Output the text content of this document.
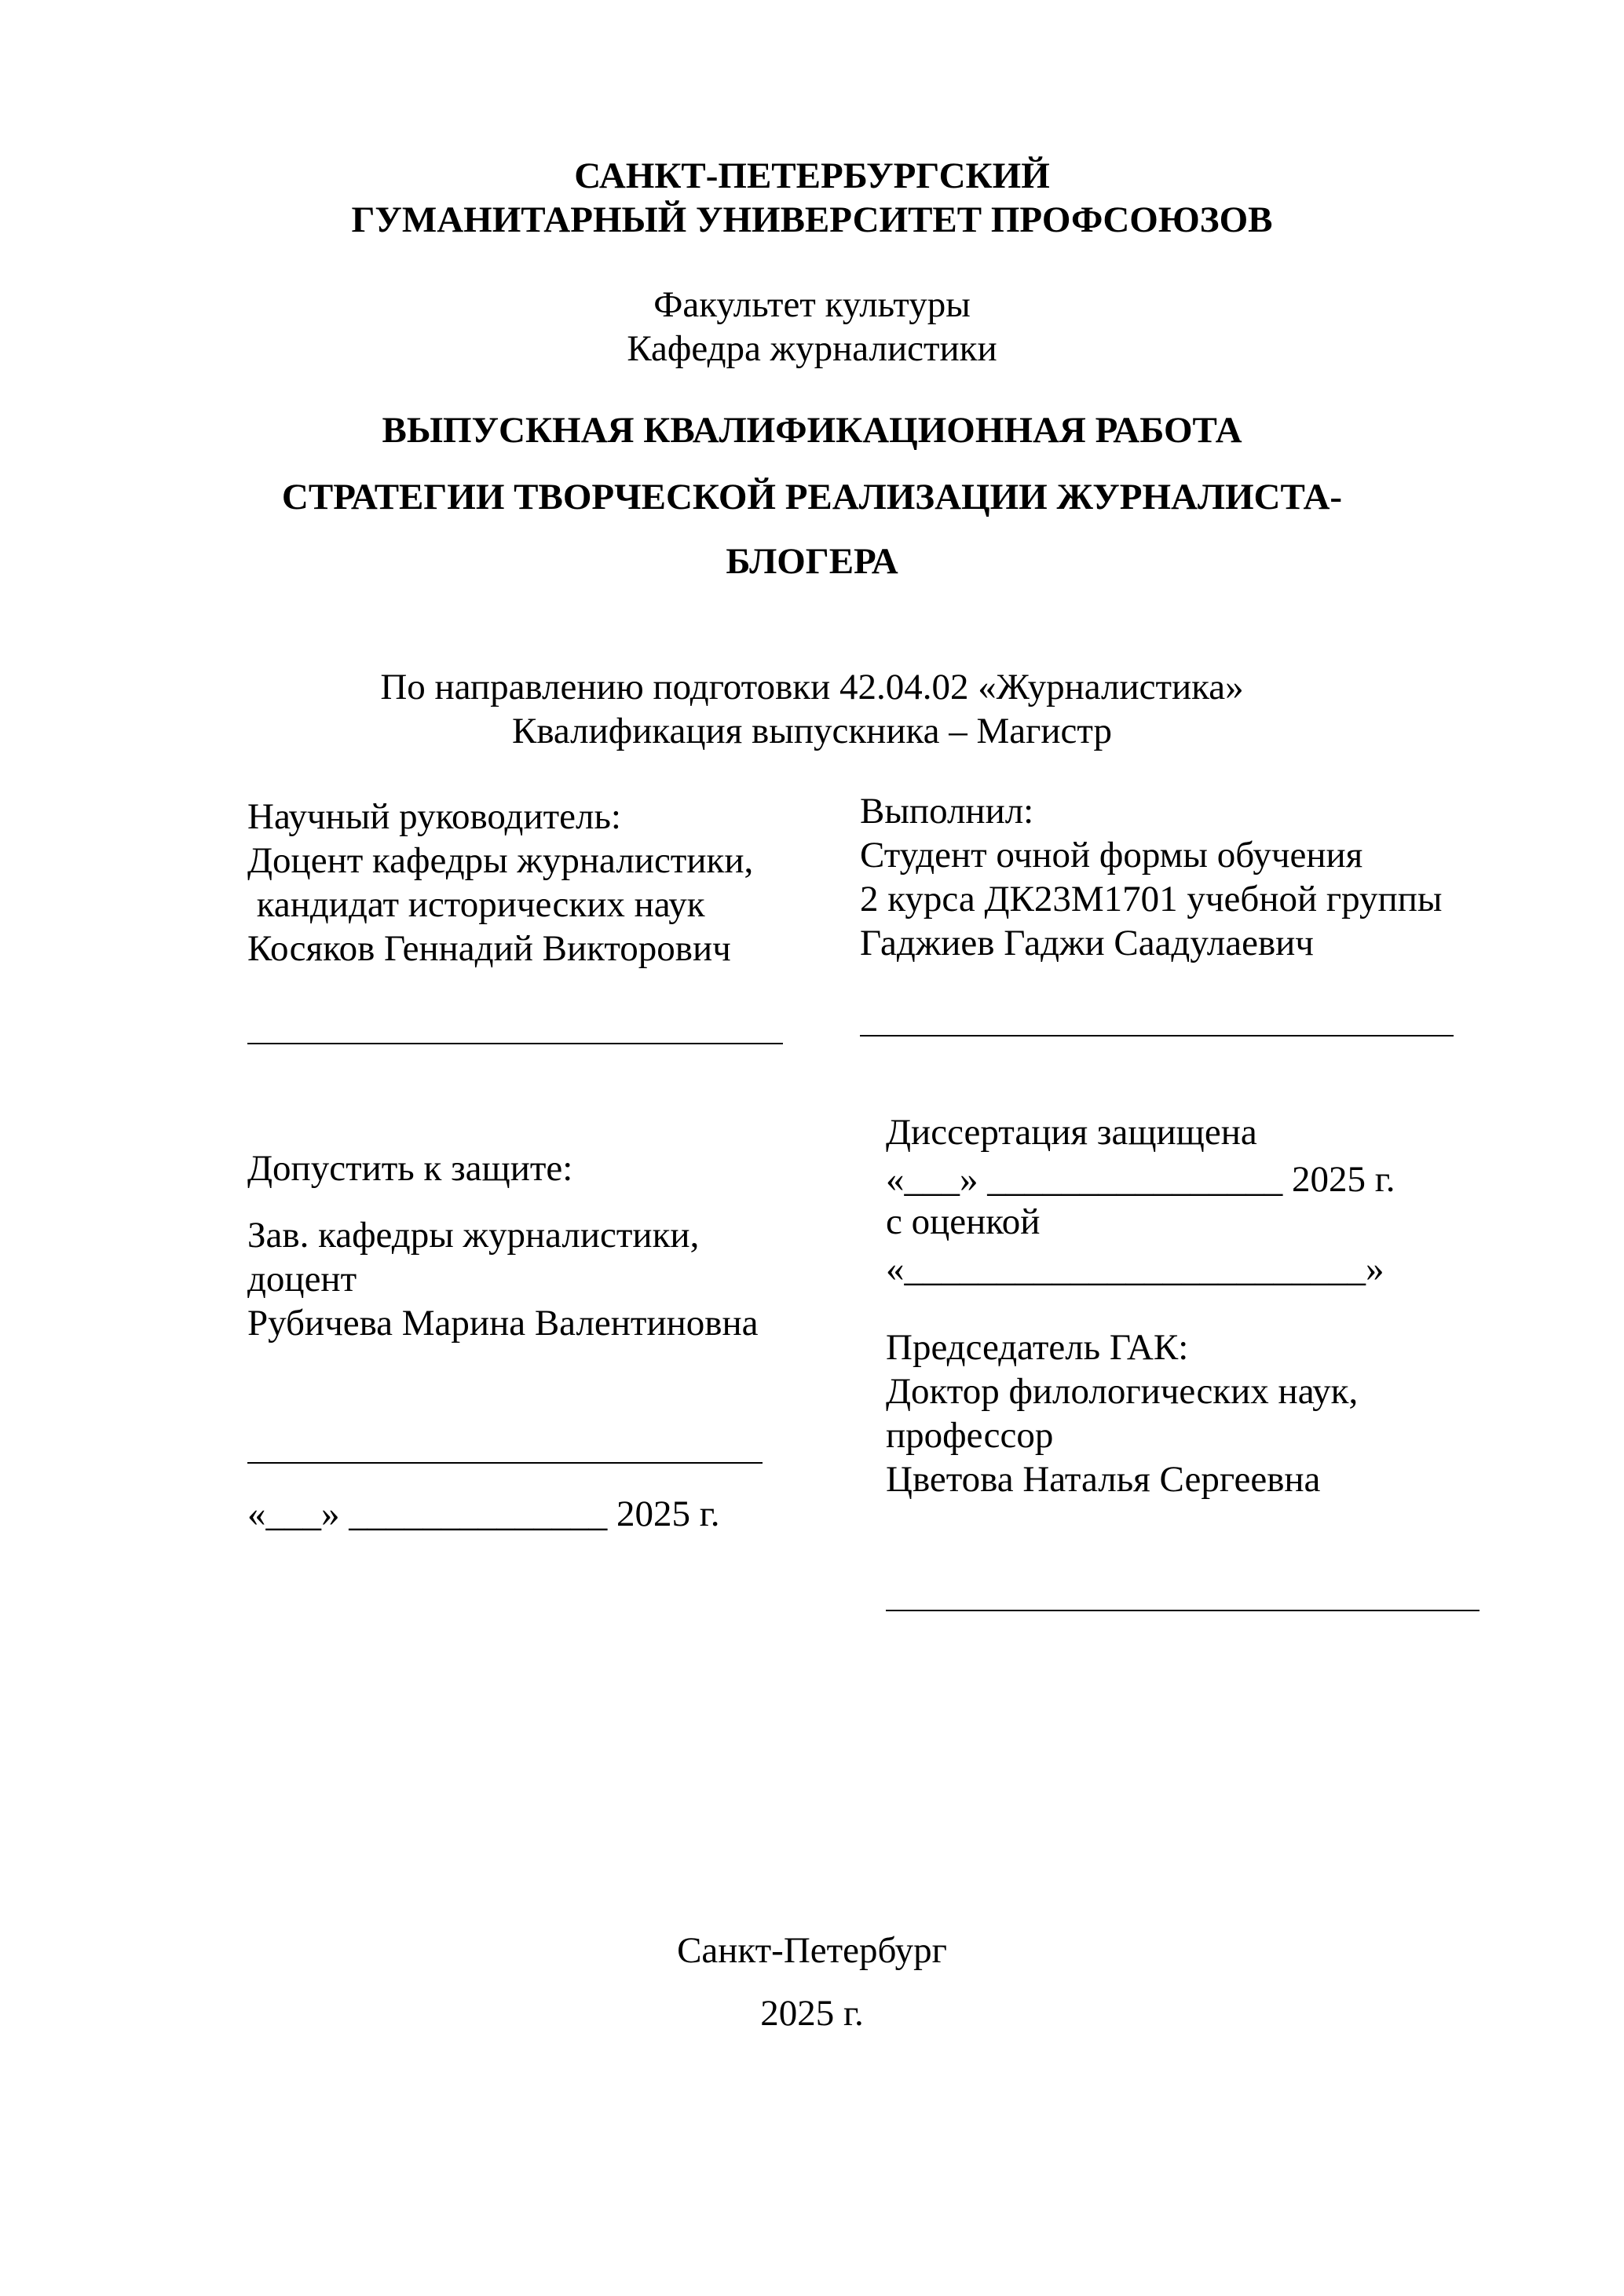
САНКТ-ПЕТЕРБУРГСКИЙ
ГУМАНИТАРНЫЙ УНИВЕРСИТЕТ ПРОФСОЮЗОВ
Факультет культуры
Кафедра журналистики
ВЫПУСКНАЯ КВАЛИФИКАЦИОННАЯ РАБОТА
СТРАТЕГИИ ТВОРЧЕСКОЙ РЕАЛИЗАЦИИ ЖУРНАЛИСТА-
БЛОГЕРА
По направлению подготовки 42.04.02 «Журналистика»
Квалификация выпускника – Магистр
Научный руководитель:
Доцент кафедры журналистики,
кандидат исторических наук
Косяков Геннадий Викторович
Выполнил:
Студент очной формы обучения
2 курса ДК23М1701 учебной группы
Гаджиев Гаджи Саадулаевич
Допустить к защите:
Зав. кафедры журналистики,
доцент
Рубичева Марина Валентиновна
«___» ______________ 2025 г.
Диссертация защищена
«___» ________________ 2025 г.
с оценкой
«_________________________»
Председатель ГАК:
Доктор филологических наук,
профессор
Цветова Наталья Сергеевна
Санкт-Петербург
2025 г.
